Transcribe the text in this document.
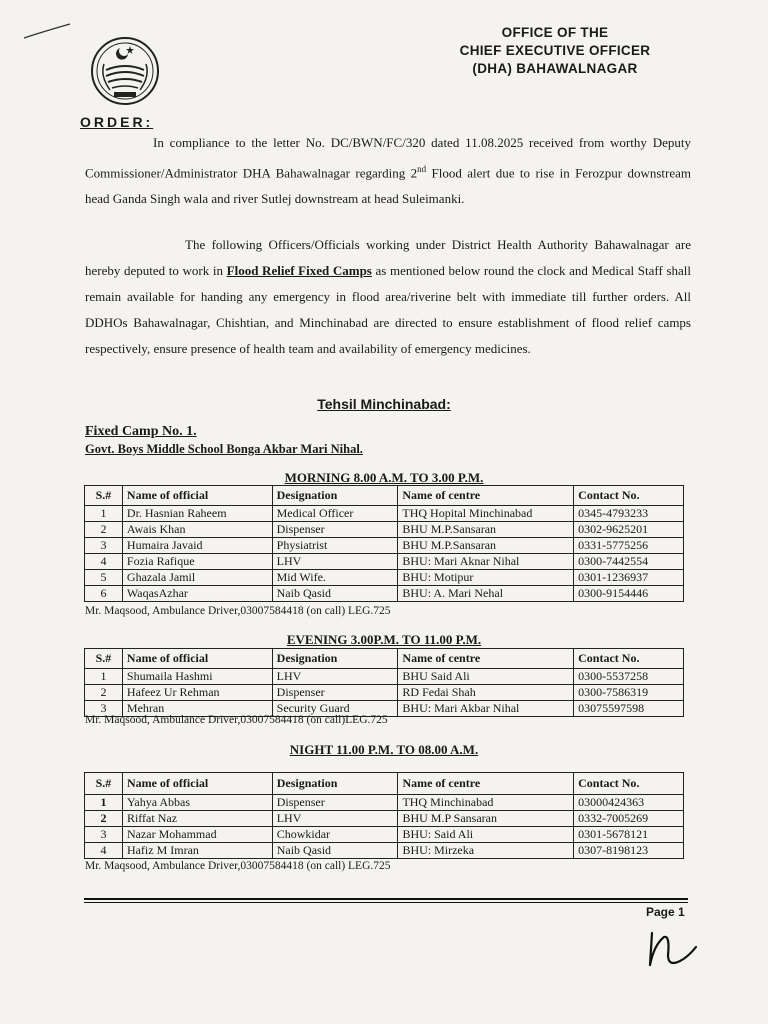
OFFICE OF THE
CHIEF EXECUTIVE OFFICER
(DHA) BAHAWALNAGAR
ORDER:

In compliance to the letter No. DC/BWN/FC/320 dated 11.08.2025 received from worthy Deputy Commissioner/Administrator DHA Bahawalnagar regarding 2nd Flood alert due to rise in Ferozpur downstream head Ganda Singh wala and river Sutlej downstream at head Suleimanki.

The following Officers/Officials working under District Health Authority Bahawalnagar are hereby deputed to work in Flood Relief Fixed Camps as mentioned below round the clock and Medical Staff shall remain available for handing any emergency in flood area/riverine belt with immediate till further orders. All DDHOs Bahawalnagar, Chishtian, and Minchinabad are directed to ensure establishment of flood relief camps respectively, ensure presence of health team and availability of emergency medicines.

Tehsil Minchinabad:
Fixed Camp No. 1.
Govt. Boys Middle School Bonga Akbar Mari Nihal.
MORNING 8.00 A.M. TO 3.00 P.M.
S.#	Name of official	Designation	Name of centre	Contact No.
1	Dr. Hasnian Raheem	Medical Officer	THQ Hopital Minchinabad	0345-4793233
2	Awais Khan	Dispenser	BHU M.P.Sansaran	0302-9625201
3	Humaira Javaid	Physiatrist	BHU M.P.Sansaran	0331-5775256
4	Fozia Rafique	LHV	BHU: Mari Aknar Nihal	0300-7442554
5	Ghazala Jamil	Mid Wife.	BHU: Motipur	0301-1236937
6	WaqasAzhar	Naib Qasid	BHU: A. Mari Nehal	0300-9154446
Mr. Maqsood, Ambulance Driver,03007584418 (on call) LEG.725
EVENING 3.00P.M. TO 11.00 P.M.
S.#	Name of official	Designation	Name of centre	Contact No.
1	Shumaila Hashmi	LHV	BHU Said Ali	0300-5537258
2	Hafeez Ur Rehman	Dispenser	RD Fedai Shah	0300-7586319
3	Mehran	Security Guard	BHU: Mari Akbar Nihal	03075597598
Mr. Maqsood, Ambulance Driver,03007584418 (on call)LEG.725
NIGHT 11.00 P.M. TO 08.00 A.M.
S.#	Name of official	Designation	Name of centre	Contact No.
1	Yahya Abbas	Dispenser	THQ Minchinabad	03000424363
2	Riffat Naz	LHV	BHU M.P Sansaran	0332-7005269
3	Nazar Mohammad	Chowkidar	BHU: Said Ali	0301-5678121
4	Hafiz M Imran	Naib Qasid	BHU: Mirzeka	0307-8198123
Mr. Maqsood, Ambulance Driver,03007584418 (on call) LEG.725
Page 1
